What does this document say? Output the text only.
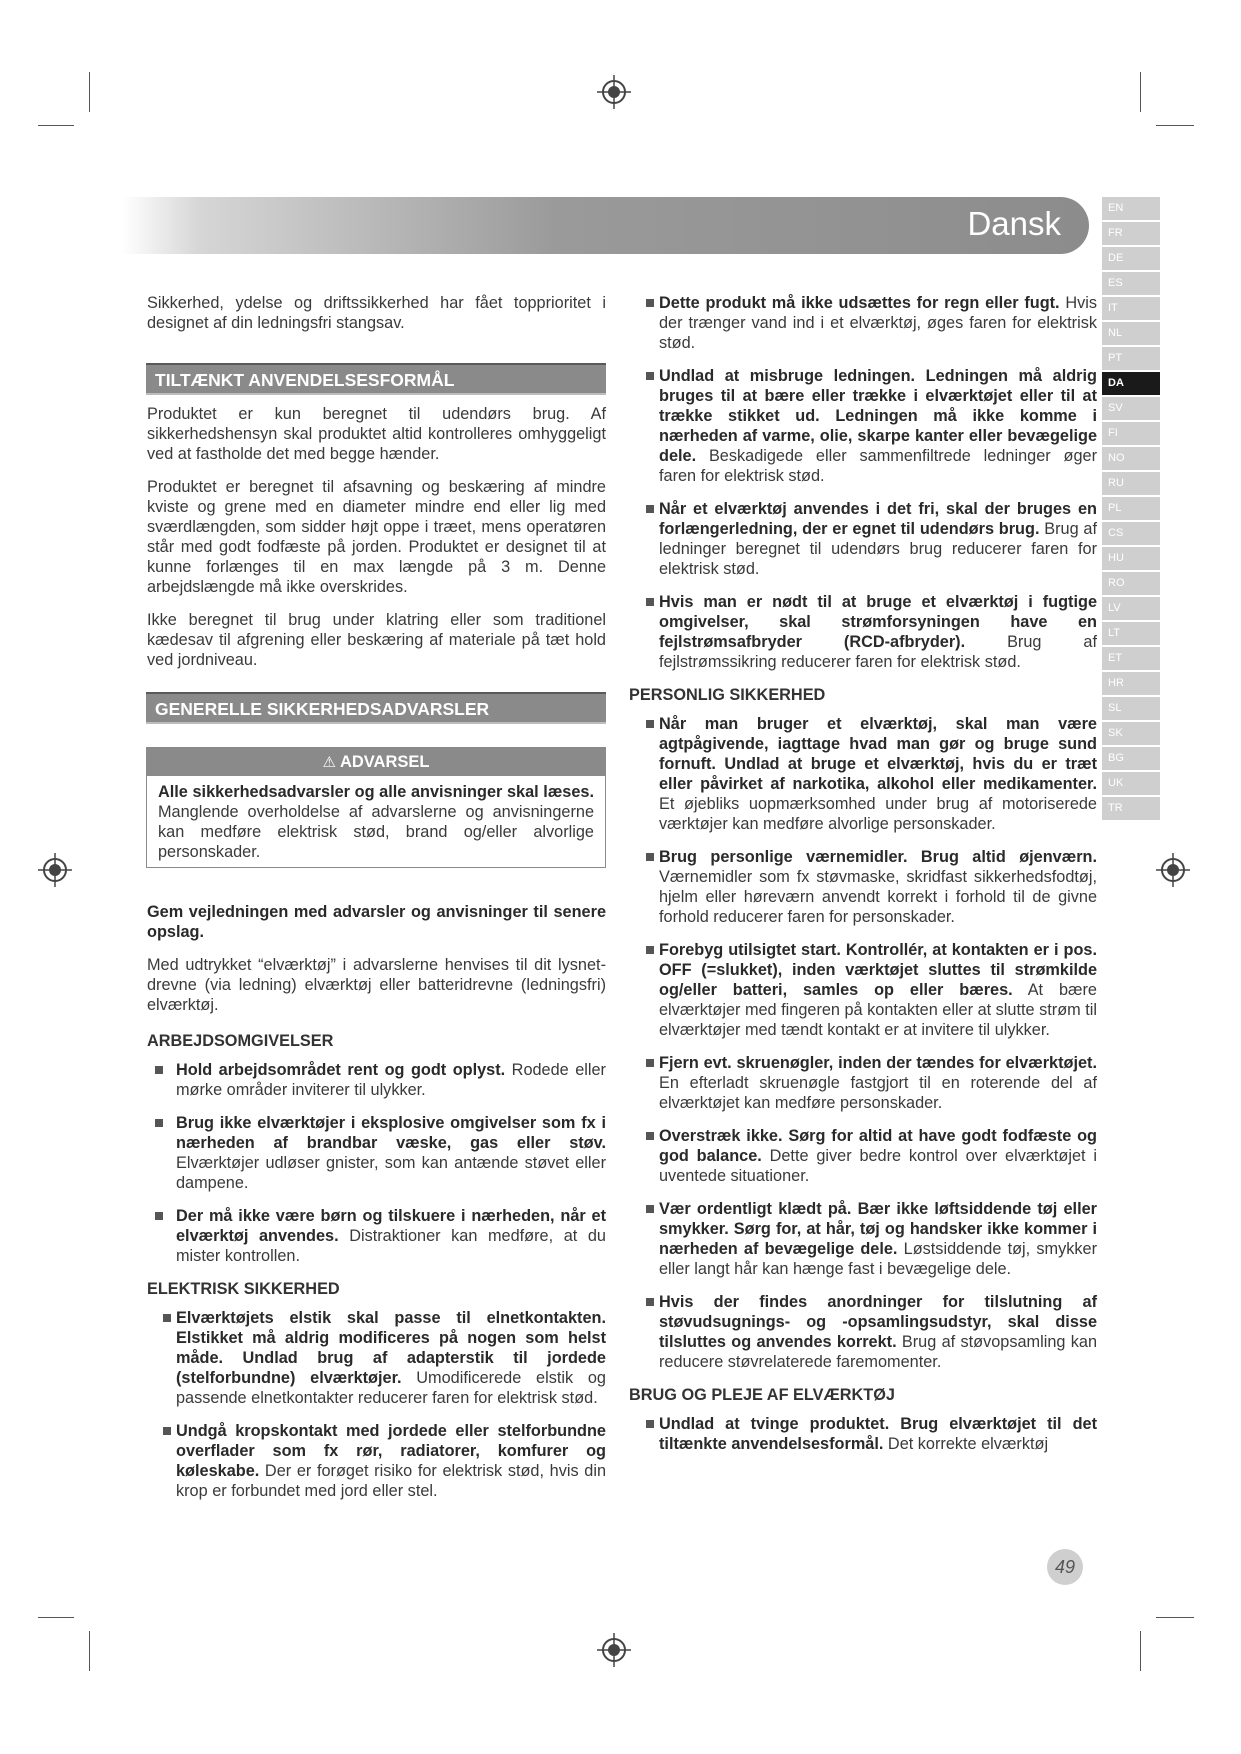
Dansk	EN
FR
DE
ES
IT
NL
PT
DA
SV
FI
NO
RU
PL
CS
HU
RO
LV
LT
ET
HR
SL
SK
BG
UK
TR

Sikkerhed, ydelse og driftssikkerhed har fået topprioritet i designet af din ledningsfri stangsav.

TILTÆNKT ANVENDELSESFORMÅL

Produktet er kun beregnet til udendørs brug. Af sikkerhedshensyn skal produktet altid kontrolleres omhyggeligt ved at fastholde det med begge hænder.

Produktet er beregnet til afsavning og beskæring af mindre kviste og grene med en diameter mindre end eller lig med sværdlængden, som sidder højt oppe i træet, mens operatøren står med godt fodfæste på jorden. Produktet er designet til at kunne forlænges til en max længde på 3 m. Denne arbejdslængde må ikke overskrides.

Ikke beregnet til brug under klatring eller som traditionel kædesav til afgrening eller beskæring af materiale på tæt hold ved jordniveau.

GENERELLE SIKKERHEDSADVARSLER
⚠ ADVARSEL
Alle sikkerhedsadvarsler og alle anvisninger skal læses. Manglende overholdelse af advarslerne og anvisningerne kan medføre elektrisk stød, brand og/eller alvorlige personskader.

Gem vejledningen med advarsler og anvisninger til senere opslag.

Med udtrykket “elværktøj” i advarslerne henvises til dit lysnet-drevne (via ledning) elværktøj eller batteridrevne (ledningsfri) elværktøj.

ARBEJDSOMGIVELSER

Hold arbejdsområdet rent og godt oplyst. Rodede eller mørke områder inviterer til ulykker.
Brug ikke elværktøjer i eksplosive omgivelser som fx i nærheden af brandbar væske, gas eller støv. Elværktøjer udløser gnister, som kan antænde støvet eller dampene.
Der må ikke være børn og tilskuere i nærheden, når et elværktøj anvendes. Distraktioner kan medføre, at du mister kontrollen.

ELEKTRISK SIKKERHED

Elværktøjets elstik skal passe til elnetkontakten. Elstikket må aldrig modificeres på nogen som helst måde. Undlad brug af adapterstik til jordede (stelforbundne) elværktøjer. Umodificerede elstik og passende elnetkontakter reducerer faren for elektrisk stød.
Undgå kropskontakt med jordede eller stelforbundne overflader som fx rør, radiatorer, komfurer og køleskabe. Der er forøget risiko for elektrisk stød, hvis din krop er forbundet med jord eller stel.
Dette produkt må ikke udsættes for regn eller fugt. Hvis der trænger vand ind i et elværktøj, øges faren for elektrisk stød.
Undlad at misbruge ledningen. Ledningen må aldrig bruges til at bære eller trække i elværktøjet eller til at trække stikket ud. Ledningen må ikke komme i nærheden af varme, olie, skarpe kanter eller bevægelige dele. Beskadigede eller sammenfiltrede ledninger øger faren for elektrisk stød.
Når et elværktøj anvendes i det fri, skal der bruges en forlængerledning, der er egnet til udendørs brug. Brug af ledninger beregnet til udendørs brug reducerer faren for elektrisk stød.
Hvis man er nødt til at bruge et elværktøj i fugtige omgivelser, skal strømforsyningen have en fejlstrømsafbryder (RCD-afbryder). Brug af fejlstrømssikring reducerer faren for elektrisk stød.

PERSONLIG SIKKERHED

Når man bruger et elværktøj, skal man være agtpågivende, iagttage hvad man gør og bruge sund fornuft. Undlad at bruge et elværktøj, hvis du er træt eller påvirket af narkotika, alkohol eller medikamenter. Et øjebliks uopmærksomhed under brug af motoriserede værktøjer kan medføre alvorlige personskader.
Brug personlige værnemidler. Brug altid øjenværn. Værnemidler som fx støvmaske, skridfast sikkerhedsfodtøj, hjelm eller høreværn anvendt korrekt i forhold til de givne forhold reducerer faren for personskader.
Forebyg utilsigtet start. Kontrollér, at kontakten er i pos. OFF (=slukket), inden værktøjet sluttes til strømkilde og/eller batteri, samles op eller bæres. At bære elværktøjer med fingeren på kontakten eller at slutte strøm til elværktøjer med tændt kontakt er at invitere til ulykker.
Fjern evt. skruenøgler, inden der tændes for elværktøjet. En efterladt skruenøgle fastgjort til en roterende del af elværktøjet kan medføre personskader.
Overstræk ikke. Sørg for altid at have godt fodfæste og god balance. Dette giver bedre kontrol over elværktøjet i uventede situationer.
Vær ordentligt klædt på. Bær ikke løftsiddende tøj eller smykker. Sørg for, at hår, tøj og handsker ikke kommer i nærheden af bevægelige dele. Løstsiddende tøj, smykker eller langt hår kan hænge fast i bevægelige dele.
Hvis der findes anordninger for tilslutning af støvudsugnings- og -opsamlingsudstyr, skal disse tilsluttes og anvendes korrekt. Brug af støvopsamling kan reducere støvrelaterede faremomenter.

BRUG OG PLEJE AF ELVÆRKTØJ

Undlad at tvinge produktet. Brug elværktøjet til det tiltænkte anvendelsesformål. Det korrekte elværktøj
49
